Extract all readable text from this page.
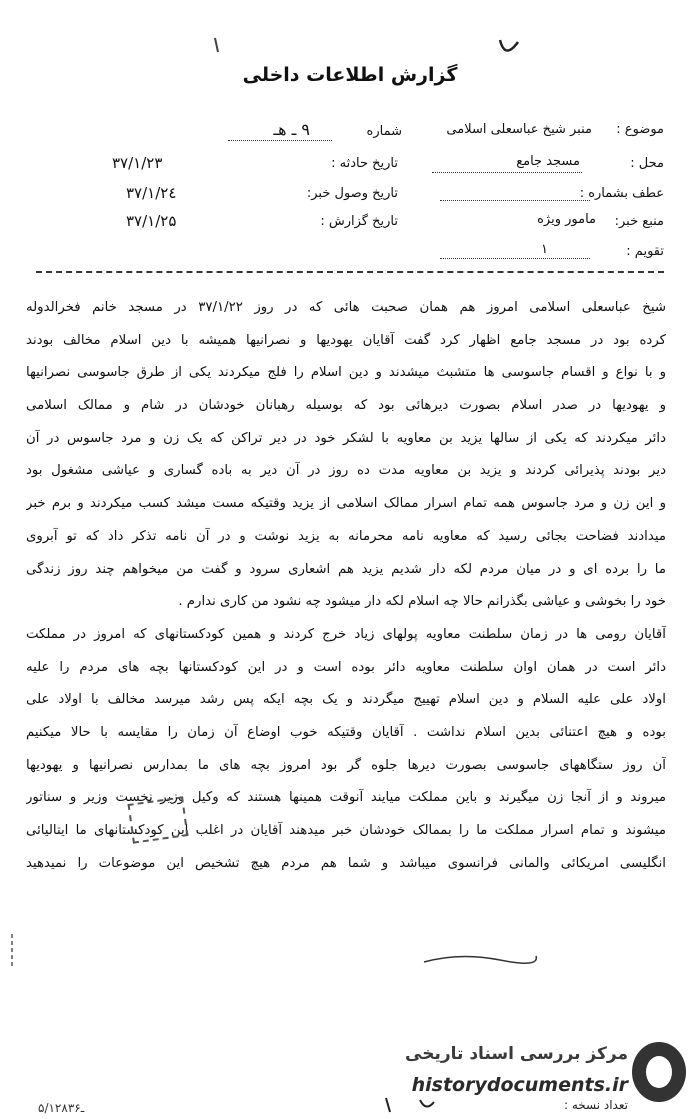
گزارش اطلاعات داخلی
موضوع :
منبر شیخ عباسعلی اسلامی
شماره
۹ ـ هـ
محل :
مسجد جامع
تاریخ حادثه :
۳۷/۱/۲۳
عطف بشماره :
تاریخ وصول خبر:
۳۷/۱/۲٤
منبع خبر:
مامور ویژه
تاریخ گزارش :
۳۷/۱/۲۵
تقویم :
۱
شیخ عباسعلی اسلامی امروز هم همان صحبت هائی که در روز ۳۷/۱/۲۲ در مسجد خانم فخرالدوله
کرده بود در مسجد جامع اظهار کرد گفت آقایان یهودیها و نصرانیها همیشه با دین اسلام مخالف بودند
و با نواع و اقسام جاسوسی ها متشبث میشدند و دین اسلام را فلج میکردند یکی از طرق جاسوسی نصرانیها
و یهودیها در صدر اسلام بصورت دیرهائی بود که بوسیله رهبانان خودشان در شام و ممالک اسلامی
دائر میکردند که یکی از سالها یزید بن معاویه با لشکر خود در دیر تراکن که یک زن و مرد جاسوس در آن
دیر بودند پذیرائی کردند و یزید بن معاویه مدت ده روز در آن دیر به باده گساری و عیاشی مشغول بود
و این زن و مرد جاسوس همه تمام اسرار ممالک اسلامی از یزید وقتیکه مست میشد کسب میکردند و برم خبر
میدادند فضاحت بجائی رسید که معاویه نامه محرمانه به یزید نوشت و در آن نامه تذکر داد که تو آبروی
ما را برده ای و در میان مردم لکه دار شدیم یزید هم اشعاری سرود و گفت من میخواهم چند روز زندگی
خود را بخوشی و عیاشی بگذرانم حالا چه اسلام لکه دار میشود چه نشود من کاری ندارم .
آقایان رومی ها در زمان سلطنت معاویه پولهای زیاد خرج کردند و همین کودکستانهای که امروز در مملکت
دائر است در همان اوان سلطنت معاویه دائر بوده است و در این کودکستانها بچه های مردم را علیه
اولاد علی علیه السلام و دین اسلام تهییج میگردند و یک بچه ایکه پس رشد میرسد مخالف با اولاد علی
بوده و هیچ اعتنائی بدین اسلام نداشت . آقایان وقتیکه خوب اوضاع آن زمان را مقایسه با حالا میکنیم
آن روز ستگاههای جاسوسی بصورت دیرها جلوه گر بود امروز بچه های ما بمدارس نصرانیها و یهودیها
میروند و از آنجا زن میگیرند و باین مملکت میایند آنوقت همینها هستند که وکیل وزیر نخست وزیر و سناتور
میشوند و تمام اسرار مملکت ما را بممالک خودشان خبر میدهند آقایان در اغلب این کودکستانهای ما ایتالیائی
انگلیسی امریکائی والمانی فرانسوی میباشد و شما هم مردم هیچ تشخیص این موضوعات را نمیدهید
مرکز بررسی اسناد تاریخی
historydocuments.ir
تعداد نسخه :
۵/۱۲۸ـ۳۶
